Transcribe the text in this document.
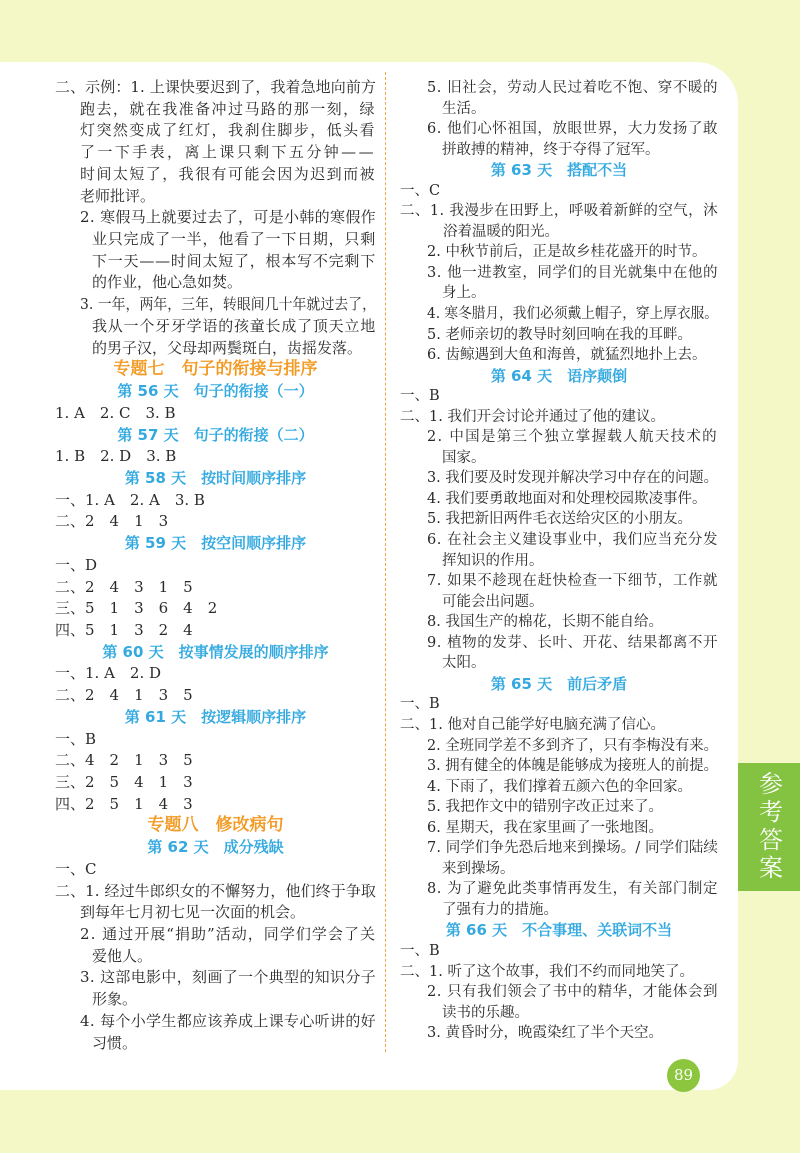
二、示例：1. 上课快要迟到了，我着急地向前方
跑去，就在我准备冲过马路的那一刻，绿
灯突然变成了红灯，我刹住脚步，低头看
了一下手表，离上课只剩下五分钟——
时间太短了，我很有可能会因为迟到而被
老师批评。
2. 寒假马上就要过去了，可是小韩的寒假作
业只完成了一半，他看了一下日期，只剩
下一天——时间太短了，根本写不完剩下
的作业，他心急如焚。
3. 一年，两年，三年，转眼间几十年就过去了，
我从一个牙牙学语的孩童长成了顶天立地
的男子汉，父母却两鬓斑白，齿摇发落。
专题七　句子的衔接与排序
第 56 天　句子的衔接（一）
1. A　2. C　3. B
第 57 天　句子的衔接（二）
1. B　2. D　3. B
第 58 天　按时间顺序排序
一、1. A　2. A　3. B
二、2　4　1　3
第 59 天　按空间顺序排序
一、D
二、2　4　3　1　5
三、5　1　3　6　4　2
四、5　1　3　2　4
第 60 天　按事情发展的顺序排序
一、1. A　2. D
二、2　4　1　3　5
第 61 天　按逻辑顺序排序
一、B
二、4　2　1　3　5
三、2　5　4　1　3
四、2　5　1　4　3
专题八　修改病句
第 62 天　成分残缺
一、C
二、1. 经过牛郎织女的不懈努力，他们终于争取
到每年七月初七见一次面的机会。
2. 通过开展“捐助”活动，同学们学会了关
爱他人。
3. 这部电影中，刻画了一个典型的知识分子
形象。
4. 每个小学生都应该养成上课专心听讲的好
习惯。
5. 旧社会，劳动人民过着吃不饱、穿不暖的
生活。
6. 他们心怀祖国，放眼世界，大力发扬了敢
拼敢搏的精神，终于夺得了冠军。
第 63 天　搭配不当
一、C
二、1. 我漫步在田野上，呼吸着新鲜的空气，沐
浴着温暖的阳光。
2. 中秋节前后，正是故乡桂花盛开的时节。
3. 他一进教室，同学们的目光就集中在他的
身上。
4. 寒冬腊月，我们必须戴上帽子，穿上厚衣服。
5. 老师亲切的教导时刻回响在我的耳畔。
6. 齿鲸遇到大鱼和海兽，就猛烈地扑上去。
第 64 天　语序颠倒
一、B
二、1. 我们开会讨论并通过了他的建议。
2. 中国是第三个独立掌握载人航天技术的
国家。
3. 我们要及时发现并解决学习中存在的问题。
4. 我们要勇敢地面对和处理校园欺凌事件。
5. 我把新旧两件毛衣送给灾区的小朋友。
6. 在社会主义建设事业中，我们应当充分发
挥知识的作用。
7. 如果不趁现在赶快检查一下细节，工作就
可能会出问题。
8. 我国生产的棉花，长期不能自给。
9. 植物的发芽、长叶、开花、结果都离不开
太阳。
第 65 天　前后矛盾
一、B
二、1. 他对自己能学好电脑充满了信心。
2. 全班同学差不多到齐了，只有李梅没有来。
3. 拥有健全的体魄是能够成为接班人的前提。
4. 下雨了，我们撑着五颜六色的伞回家。
5. 我把作文中的错别字改正过来了。
6. 星期天，我在家里画了一张地图。
7. 同学们争先恐后地来到操场。/ 同学们陆续
来到操场。
8. 为了避免此类事情再发生，有关部门制定
了强有力的措施。
第 66 天　不合事理、关联词不当
一、B
二、1. 听了这个故事，我们不约而同地笑了。
2. 只有我们领会了书中的精华，才能体会到
读书的乐趣。
3. 黄昏时分，晚霞染红了半个天空。
参考答案
89
